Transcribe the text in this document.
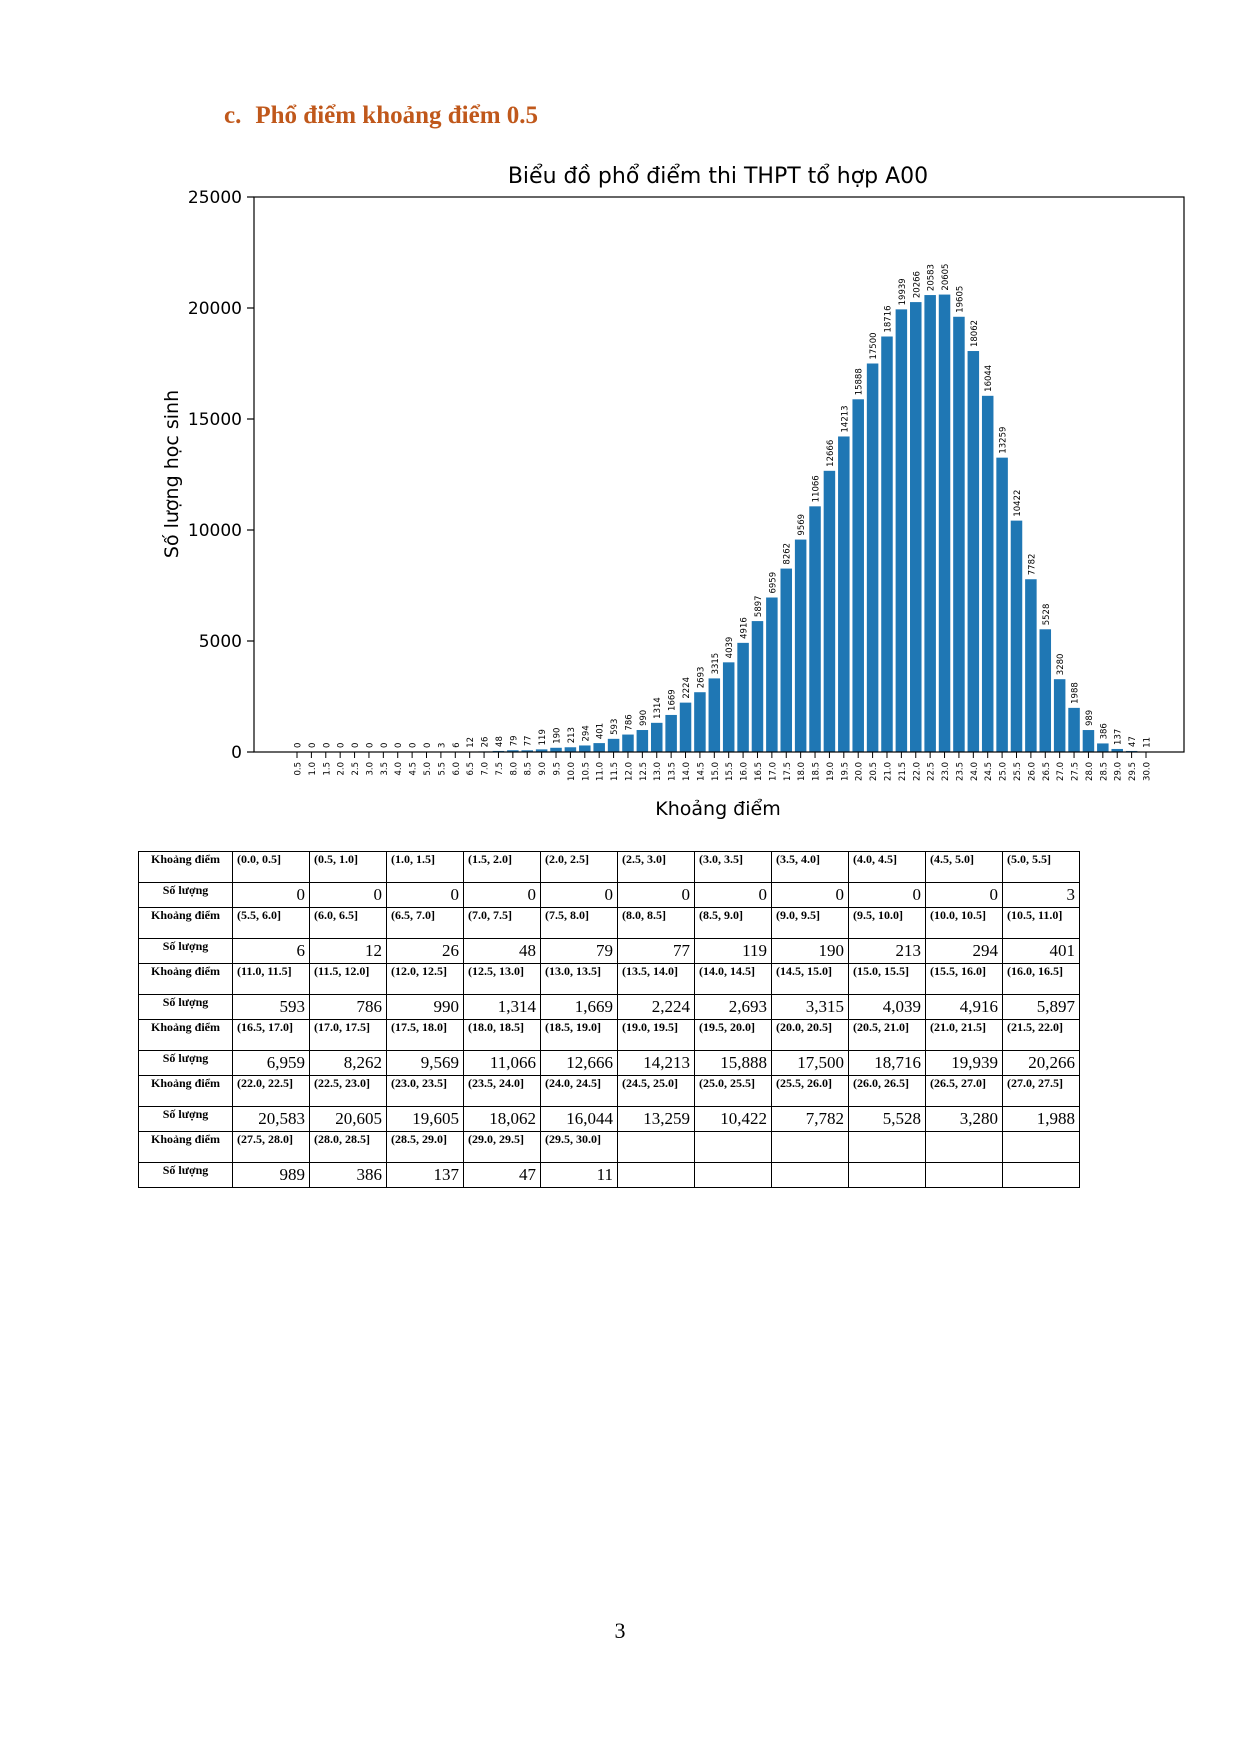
c. Phổ điểm khoảng điểm 0.5
Biểu đồ phổ điểm thi THPT tổ hợp A00
Số lượng học sinh
Khoảng điểm
0 0 0 0 0 0 0 0 0 0 3 6 12 26 48 79 77 119 190 213 294 401 593 786 990 1314 1669
2224 2693
3315
4039
4916
5897
6959
8262
9569
11066
12666
14213
15888
17500
18716
19939 20266 20583 20605
19605
18062
16044
13259
10422
7782
5528
3280
1988
989
386 137 47 11
0
5000
10000
15000
20000
25000
0.5 1.0 1.5 2.0 2.5 3.0 3.5 4.0 4.5 5.0 5.5 6.0 6.5 7.0 7.5 8.0 8.5 9.0 9.5 10.0 10.5 11.0 11.5 12.0 12.5 13.0 13.5 14.0 14.5 15.0 15.5 16.0 16.5 17.0 17.5 18.0 18.5 19.0 19.5 20.0 20.5 21.0 21.5 22.0 22.5 23.0 23.5 24.0 24.5 25.0 25.5 26.0 26.5 27.0 27.5 28.0 28.5 29.0 29.5 30.0
Khoảng điểm	(0.0, 0.5]	(0.5, 1.0]	(1.0, 1.5]	(1.5, 2.0]	(2.0, 2.5]	(2.5, 3.0]	(3.0, 3.5]	(3.5, 4.0]	(4.0, 4.5]	(4.5, 5.0]	(5.0, 5.5]
Số lượng	0	0	0	0	0	0	0	0	0	0	3
Khoảng điểm	(5.5, 6.0]	(6.0, 6.5]	(6.5, 7.0]	(7.0, 7.5]	(7.5, 8.0]	(8.0, 8.5]	(8.5, 9.0]	(9.0, 9.5]	(9.5, 10.0]	(10.0, 10.5]	(10.5, 11.0]
Số lượng	6	12	26	48	79	77	119	190	213	294	401
Khoảng điểm	(11.0, 11.5]	(11.5, 12.0]	(12.0, 12.5]	(12.5, 13.0]	(13.0, 13.5]	(13.5, 14.0]	(14.0, 14.5]	(14.5, 15.0]	(15.0, 15.5]	(15.5, 16.0]	(16.0, 16.5]
Số lượng	593	786	990	1,314	1,669	2,224	2,693	3,315	4,039	4,916	5,897
Khoảng điểm	(16.5, 17.0]	(17.0, 17.5]	(17.5, 18.0]	(18.0, 18.5]	(18.5, 19.0]	(19.0, 19.5]	(19.5, 20.0]	(20.0, 20.5]	(20.5, 21.0]	(21.0, 21.5]	(21.5, 22.0]
Số lượng	6,959	8,262	9,569	11,066	12,666	14,213	15,888	17,500	18,716	19,939	20,266
Khoảng điểm	(22.0, 22.5]	(22.5, 23.0]	(23.0, 23.5]	(23.5, 24.0]	(24.0, 24.5]	(24.5, 25.0]	(25.0, 25.5]	(25.5, 26.0]	(26.0, 26.5]	(26.5, 27.0]	(27.0, 27.5]
Số lượng	20,583	20,605	19,605	18,062	16,044	13,259	10,422	7,782	5,528	3,280	1,988
Khoảng điểm	(27.5, 28.0]	(28.0, 28.5]	(28.5, 29.0]	(29.0, 29.5]	(29.5, 30.0]						
Số lượng	989	386	137	47	11						
3
